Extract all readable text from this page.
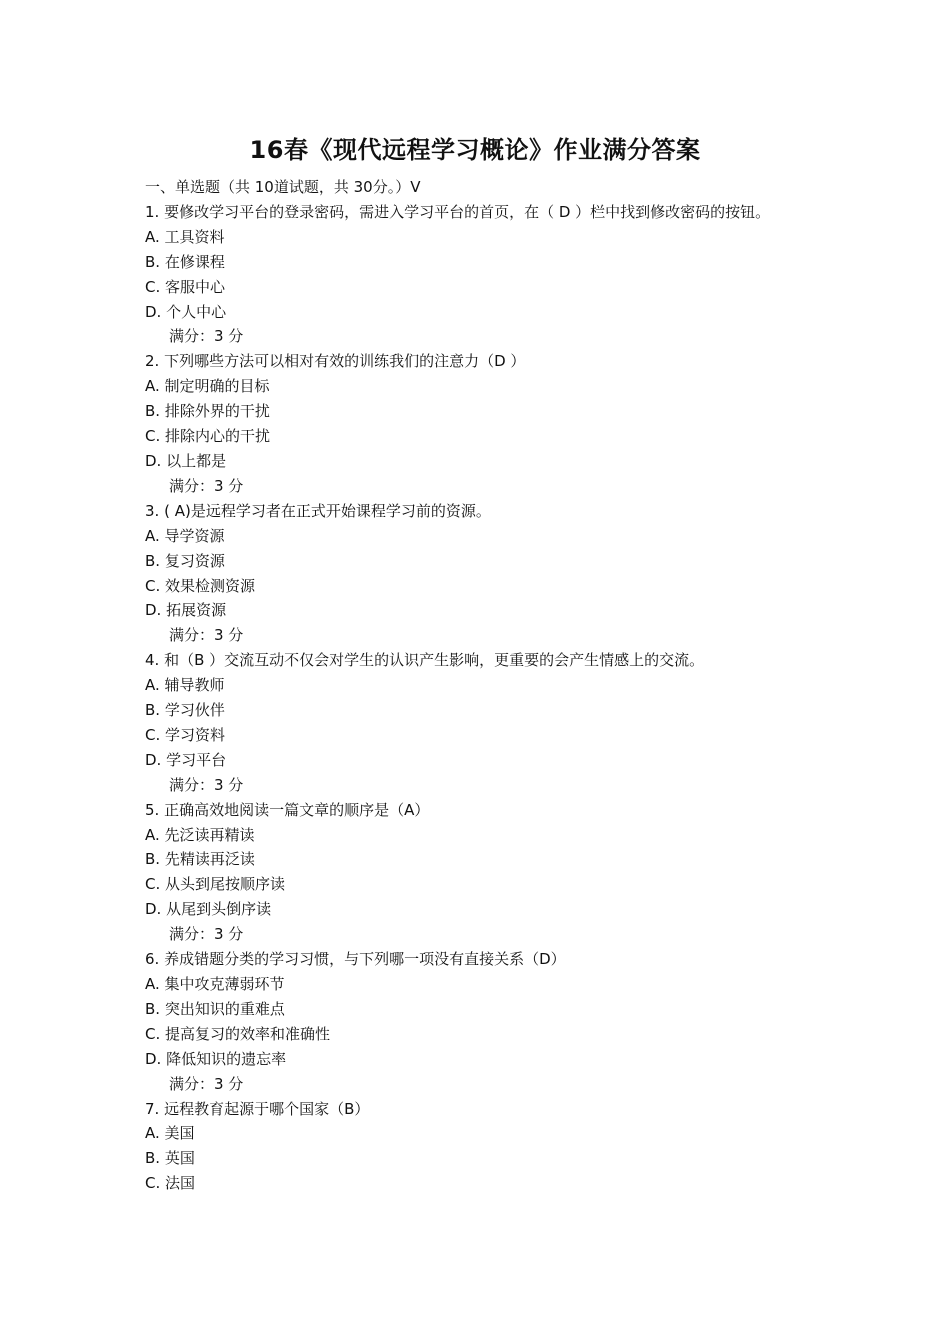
16春《现代远程学习概论》作业满分答案
一、单选题（共 10道试题，共 30分。）V
1. 要修改学习平台的登录密码，需进入学习平台的首页，在（ D ）栏中找到修改密码的按钮。
A. 工具资料
B. 在修课程
C. 客服中心
D. 个人中心
满分：3 分
2. 下列哪些方法可以相对有效的训练我们的注意力（D ）
A. 制定明确的目标
B. 排除外界的干扰
C. 排除内心的干扰
D. 以上都是
满分：3 分
3. ( A)是远程学习者在正式开始课程学习前的资源。
A. 导学资源
B. 复习资源
C. 效果检测资源
D. 拓展资源
满分：3 分
4. 和（B ）交流互动不仅会对学生的认识产生影响，更重要的会产生情感上的交流。
A. 辅导教师
B. 学习伙伴
C. 学习资料
D. 学习平台
满分：3 分
5. 正确高效地阅读一篇文章的顺序是（A）
A. 先泛读再精读
B. 先精读再泛读
C. 从头到尾按顺序读
D. 从尾到头倒序读
满分：3 分
6. 养成错题分类的学习习惯，与下列哪一项没有直接关系（D）
A. 集中攻克薄弱环节
B. 突出知识的重难点
C. 提高复习的效率和准确性
D. 降低知识的遗忘率
满分：3 分
7. 远程教育起源于哪个国家（B）
A. 美国
B. 英国
C. 法国
